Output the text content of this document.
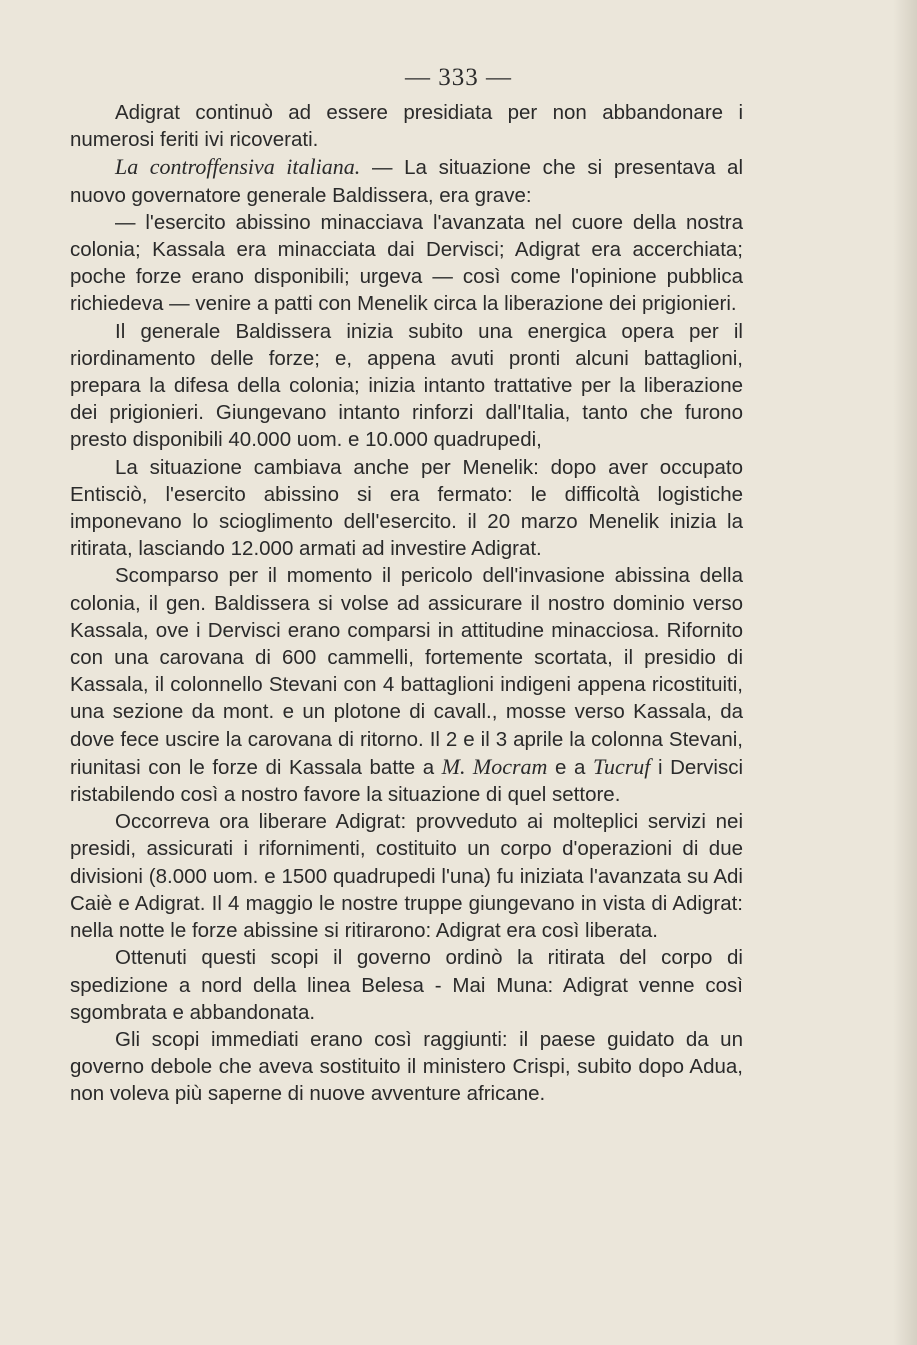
— 333 —

Adigrat continuò ad essere presidiata per non abbandonare i numerosi feriti ivi ricoverati.

La controffensiva italiana. — La situazione che si presentava al nuovo governatore generale Baldissera, era grave:

— l'esercito abissino minacciava l'avanzata nel cuore della nostra colonia; Kassala era minacciata dai Dervisci; Adigrat era accerchiata; poche forze erano disponibili; urgeva — così come l'opinione pubblica richiedeva — venire a patti con Menelik circa la liberazione dei prigionieri.

Il generale Baldissera inizia subito una energica opera per il riordinamento delle forze; e, appena avuti pronti alcuni battaglioni, prepara la difesa della colonia; inizia intanto trattative per la liberazione dei prigionieri. Giungevano intanto rinforzi dall'Italia, tanto che furono presto disponibili 40.000 uom. e 10.000 quadrupedi,

La situazione cambiava anche per Menelik: dopo aver occupato Entisciò, l'esercito abissino si era fermato: le difficoltà logistiche imponevano lo scioglimento dell'esercito. il 20 marzo Menelik inizia la ritirata, lasciando 12.000 armati ad investire Adigrat.

Scomparso per il momento il pericolo dell'invasione abissina della colonia, il gen. Baldissera si volse ad assicurare il nostro dominio verso Kassala, ove i Dervisci erano comparsi in attitudine minacciosa. Rifornito con una carovana di 600 cammelli, fortemente scortata, il presidio di Kassala, il colonnello Stevani con 4 battaglioni indigeni appena ricostituiti, una sezione da mont. e un plotone di cavall., mosse verso Kassala, da dove fece uscire la carovana di ritorno. Il 2 e il 3 aprile la colonna Stevani, riunitasi con le forze di Kassala batte a M. Mocram e a Tucruf i Dervisci ristabilendo così a nostro favore la situazione di quel settore.

Occorreva ora liberare Adigrat: provveduto ai molteplici servizi nei presidi, assicurati i rifornimenti, costituito un corpo d'operazioni di due divisioni (8.000 uom. e 1500 quadrupedi l'una) fu iniziata l'avanzata su Adi Caiè e Adigrat. Il 4 maggio le nostre truppe giungevano in vista di Adigrat: nella notte le forze abissine si ritirarono: Adigrat era così liberata.

Ottenuti questi scopi il governo ordinò la ritirata del corpo di spedizione a nord della linea Belesa - Mai Muna: Adigrat venne così sgombrata e abbandonata.

Gli scopi immediati erano così raggiunti: il paese guidato da un governo debole che aveva sostituito il ministero Crispi, subito dopo Adua, non voleva più saperne di nuove avventure africane.
